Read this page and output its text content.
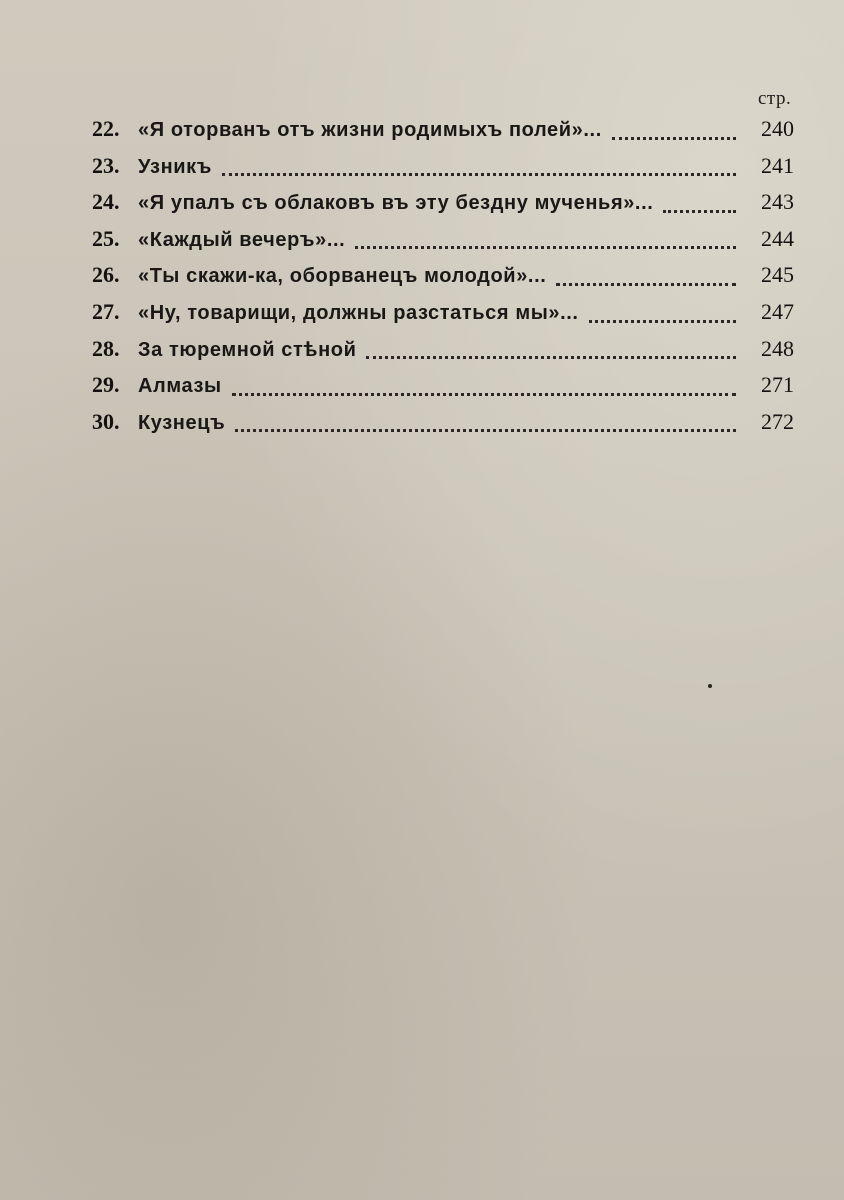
стр.
22. «Я оторванъ отъ жизни родимыхъ полей»...	240
23. Узникъ	241
24. «Я упалъ съ облаковъ въ эту бездну мученья»...	243
25. «Каждый вечеръ»...	244
26. «Ты скажи-ка, оборванецъ молодой»...	245
27. «Ну, товарищи, должны разстаться мы»...	247
28. За тюремной стѣной	248
29. Алмазы	271
30. Кузнецъ	272
